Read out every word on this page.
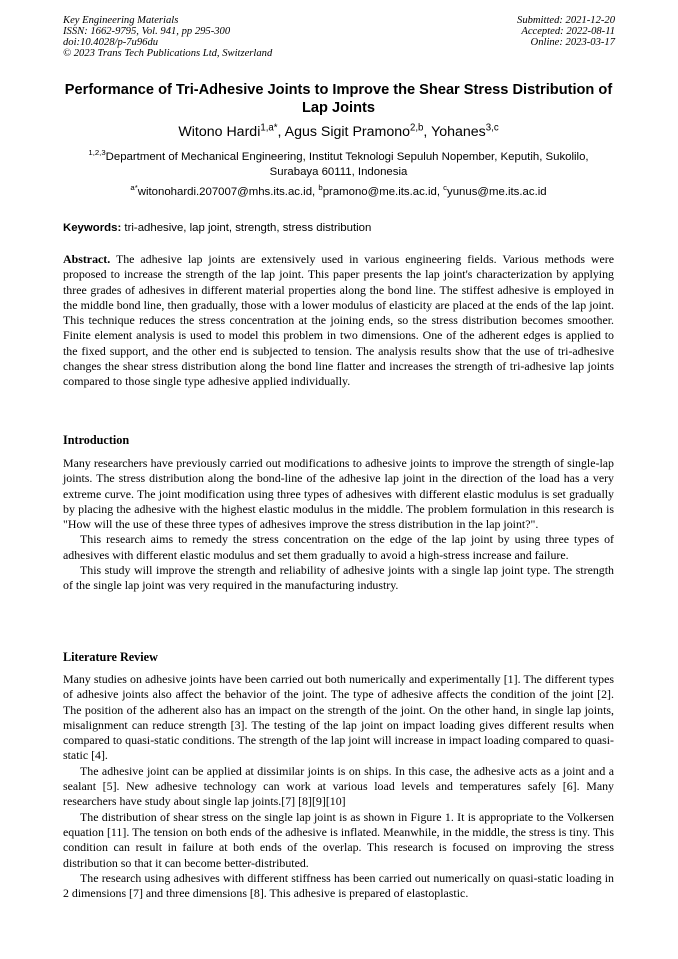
Key Engineering Materials
ISSN: 1662-9795, Vol. 941, pp 295-300
doi:10.4028/p-7u96du
© 2023 Trans Tech Publications Ltd, Switzerland
Submitted: 2021-12-20
Accepted: 2022-08-11
Online: 2023-03-17
Performance of Tri-Adhesive Joints to Improve the Shear Stress Distribution of Lap Joints
Witono Hardi$^{1,a*}$, Agus Sigit Pramono$^{2,b}$, Yohanes$^{3,c}$
$^{1,2,3}$Department of Mechanical Engineering, Institut Teknologi Sepuluh Nopember, Keputih, Sukolilo, Surabaya 60111, Indonesia
$^{a*}$witonohardi.207007@mhs.its.ac.id, $^b$pramono@me.its.ac.id, $^c$yunus@me.its.ac.id
Keywords: tri-adhesive, lap joint, strength, stress distribution

Abstract. The adhesive lap joints are extensively used in various engineering fields. Various methods were proposed to increase the strength of the lap joint. This paper presents the lap joint's characterization by applying three grades of adhesives in different material properties along the bond line. The stiffest adhesive is employed in the middle bond line, then gradually, those with a lower modulus of elasticity are placed at the ends of the lap joint. This technique reduces the stress concentration at the joining ends, so the stress distribution becomes smoother. Finite element analysis is used to model this problem in two dimensions. One of the adherent edges is applied to the fixed support, and the other end is subjected to tension. The analysis results show that the use of tri-adhesive changes the shear stress distribution along the bond line flatter and increases the strength of tri-adhesive lap joints compared to those single type adhesive applied individually.

Introduction

Many researchers have previously carried out modifications to adhesive joints to improve the strength of single-lap joints. The stress distribution along the bond-line of the adhesive lap joint in the direction of the load has a very extreme curve. The joint modification using three types of adhesives with different elastic modulus is set gradually by placing the adhesive with the highest elastic modulus in the middle. The problem formulation in this research is "How will the use of these three types of adhesives improve the stress distribution in the lap joint?".

This research aims to remedy the stress concentration on the edge of the lap joint by using three types of adhesives with different elastic modulus and set them gradually to avoid a high-stress increase and failure.

This study will improve the strength and reliability of adhesive joints with a single lap joint type. The strength of the single lap joint was very required in the manufacturing industry.

Literature Review

Many studies on adhesive joints have been carried out both numerically and experimentally [1]. The different types of adhesive joints also affect the behavior of the joint. The type of adhesive affects the condition of the joint [2]. The position of the adherent also has an impact on the strength of the joint. On the other hand, in single lap joints, misalignment can reduce strength [3]. The testing of the lap joint on impact loading gives different results when compared to quasi-static conditions. The strength of the lap joint will increase in impact loading compared to quasi-static [4].

The adhesive joint can be applied at dissimilar joints is on ships. In this case, the adhesive acts as a joint and a sealant [5]. New adhesive technology can work at various load levels and temperatures safely [6]. Many researchers have study about single lap joints.[7] [8][9][10]

The distribution of shear stress on the single lap joint is as shown in Figure 1. It is appropriate to the Volkersen equation [11]. The tension on both ends of the adhesive is inflated. Meanwhile, in the middle, the stress is tiny. This condition can result in failure at both ends of the overlap. This research is focused on improving the stress distribution so that it can become better-distributed.

The research using adhesives with different stiffness has been carried out numerically on quasi-static loading in 2 dimensions [7] and three dimensions [8]. This adhesive is prepared of elastoplastic.
